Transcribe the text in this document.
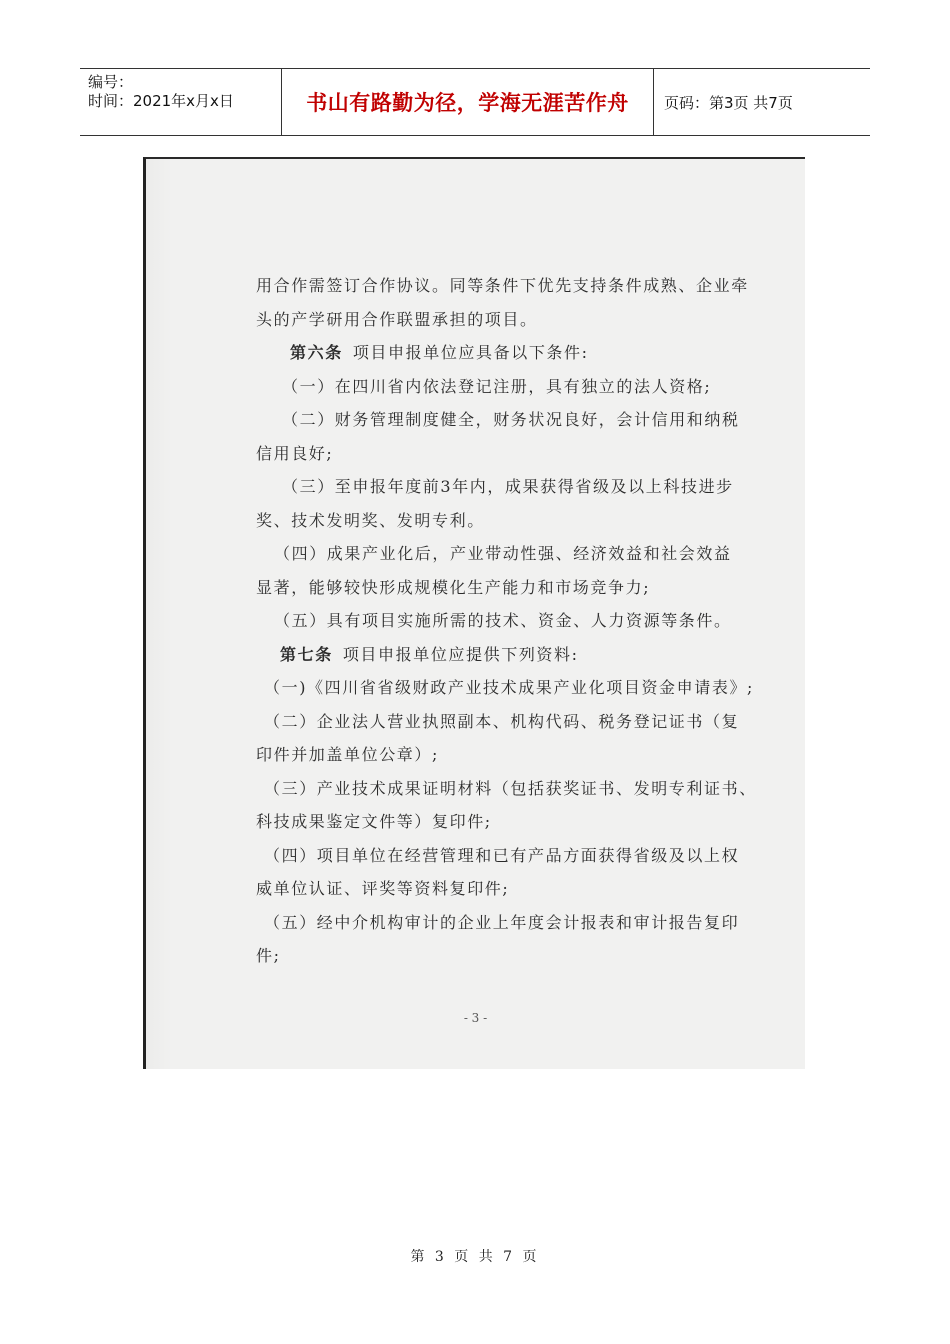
编号：
时间：2021年x月x日	书山有路勤为径，学海无涯苦作舟	页码：第3页 共7页
用合作需签订合作协议。同等条件下优先支持条件成熟、企业牵
头的产学研用合作联盟承担的项目。
第六条 项目申报单位应具备以下条件:
（一）在四川省内依法登记注册，具有独立的法人资格;
（二）财务管理制度健全，财务状况良好，会计信用和纳税
信用良好;
（三）至申报年度前3年内，成果获得省级及以上科技进步
奖、技术发明奖、发明专利。
（四）成果产业化后，产业带动性强、经济效益和社会效益
显著，能够较快形成规模化生产能力和市场竞争力;
（五）具有项目实施所需的技术、资金、人力资源等条件。
第七条 项目申报单位应提供下列资料:
（一)《四川省省级财政产业技术成果产业化项目资金申请表》;
（二）企业法人营业执照副本、机构代码、税务登记证书（复
印件并加盖单位公章）;
（三）产业技术成果证明材料（包括获奖证书、发明专利证书、
科技成果鉴定文件等）复印件;
（四）项目单位在经营管理和已有产品方面获得省级及以上权
威单位认证、评奖等资料复印件;
（五）经中介机构审计的企业上年度会计报表和审计报告复印
件;
- 3 -
第 3 页 共 7 页
